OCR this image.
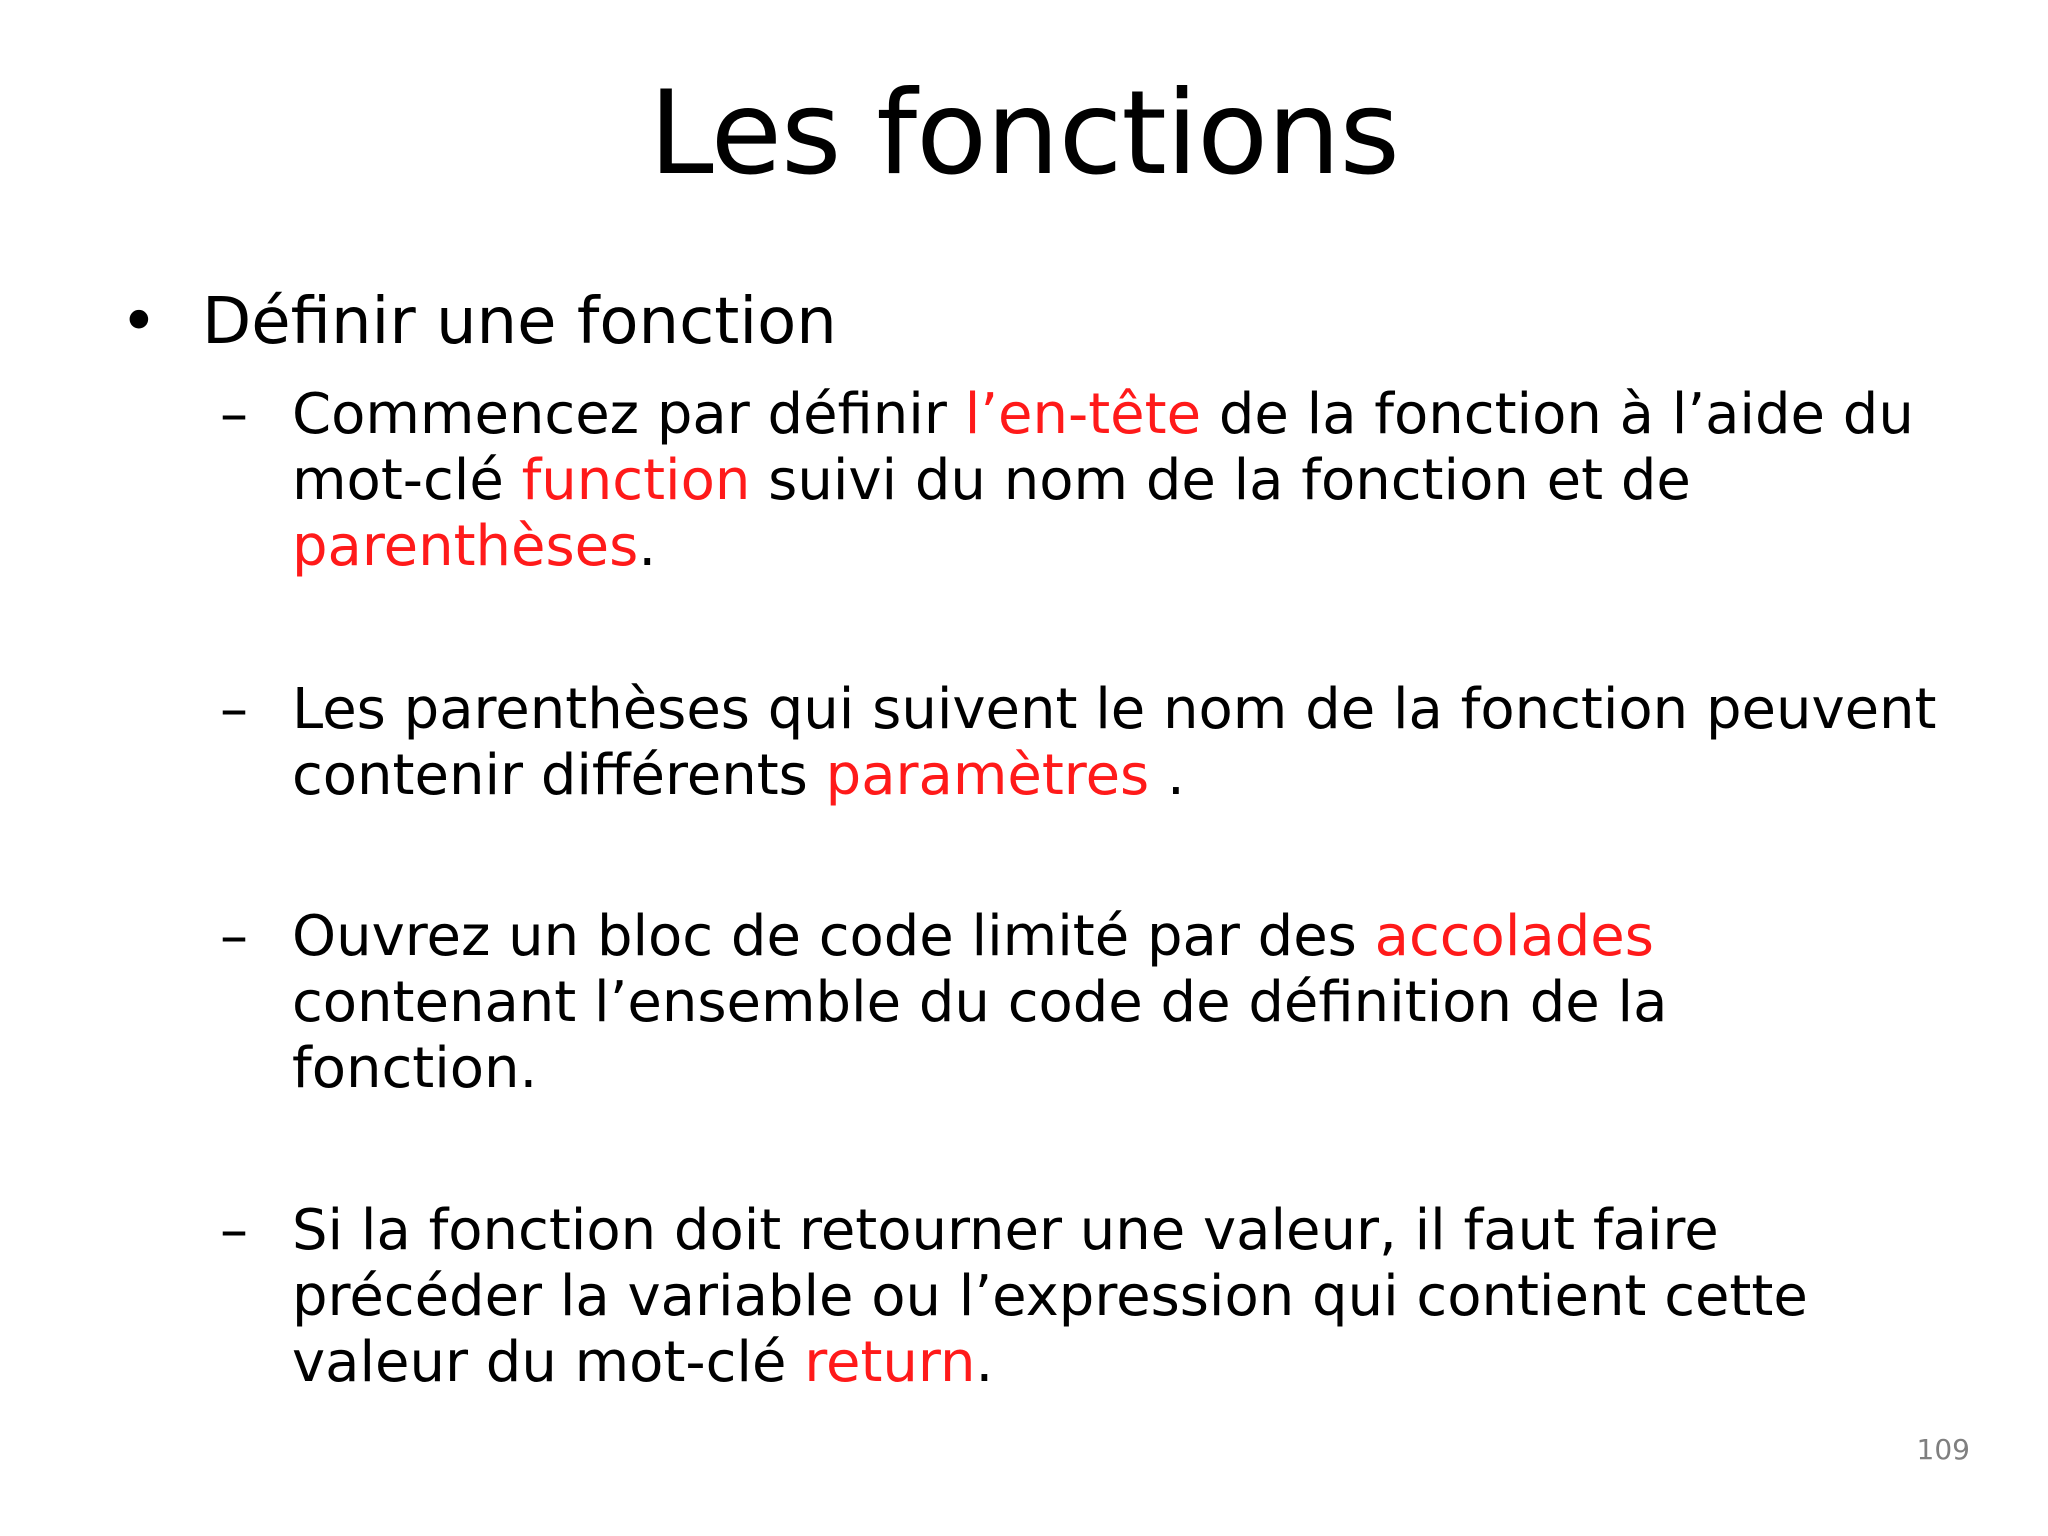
Les fonctions
• Définir une fonction
– Commencez par définir l’en-tête de la fonction à l’aide du
mot-clé function suivi du nom de la fonction et de
parenthèses.
– Les parenthèses qui suivent le nom de la fonction peuvent
contenir différents paramètres .
– Ouvrez un bloc de code limité par des accolades
contenant l’ensemble du code de définition de la
fonction.
– Si la fonction doit retourner une valeur, il faut faire
précéder la variable ou l’expression qui contient cette
valeur du mot-clé return.
109
